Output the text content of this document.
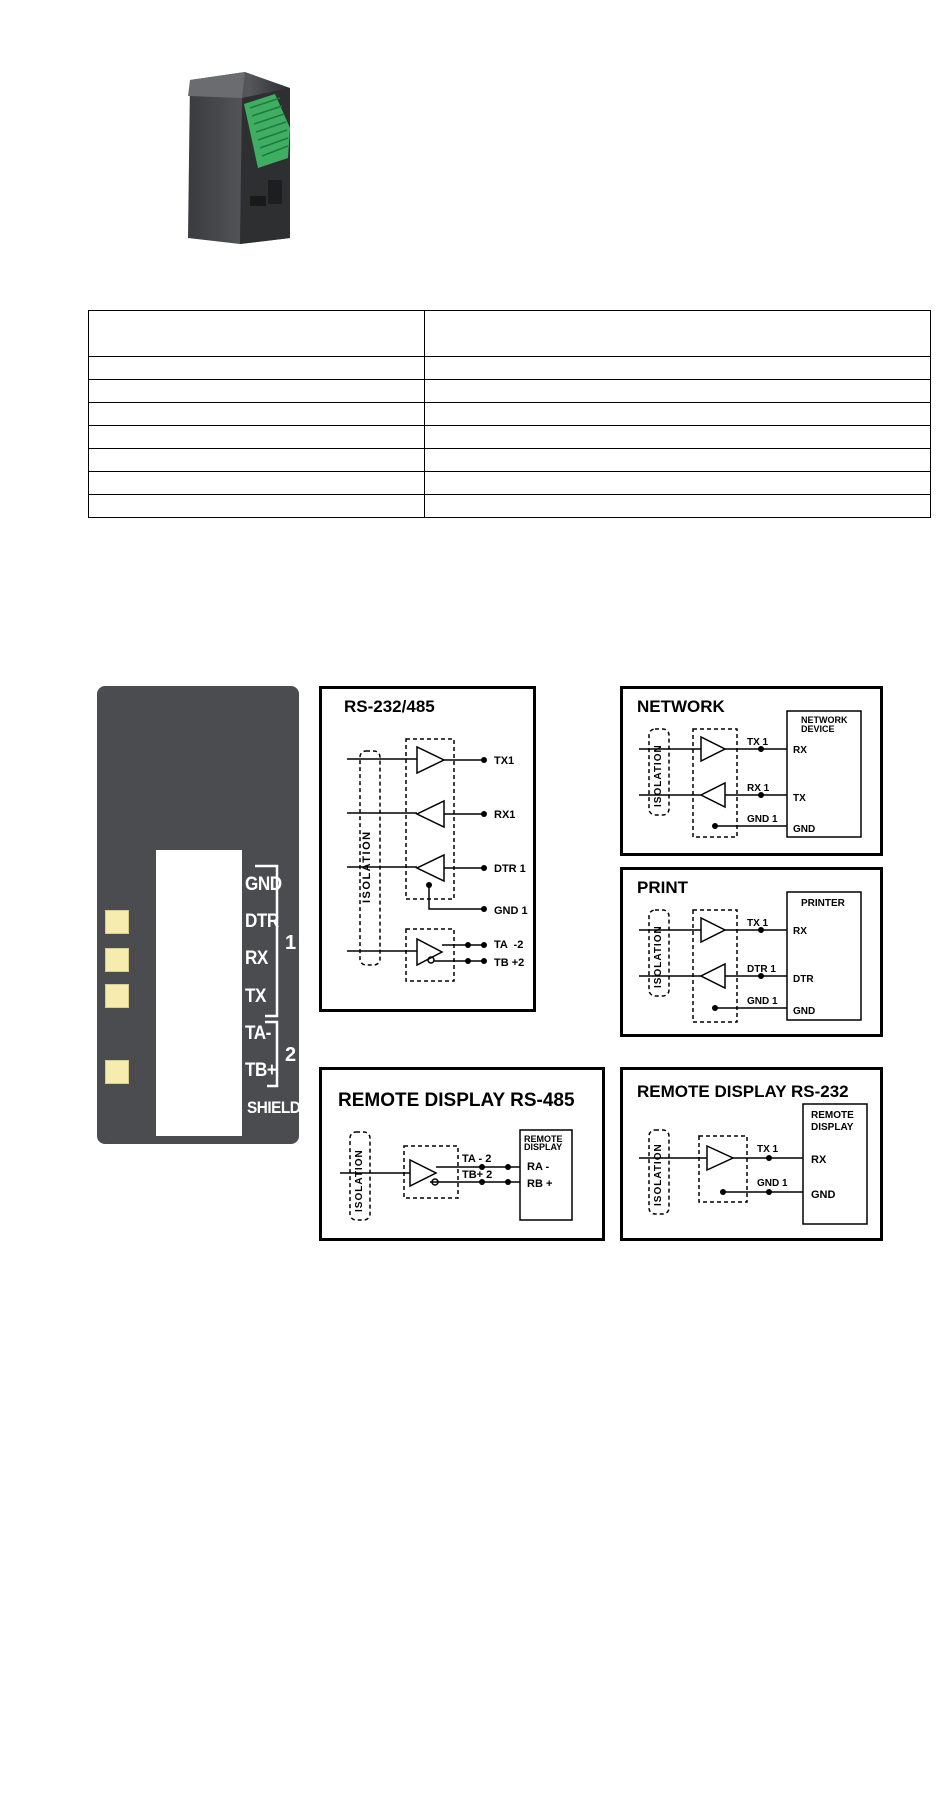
RS-232/485 Comms	M4202
GND
DTR
RX
TX
TA-
TB+
SHIELD
1
2
RS-232/485
ISOLATION
TX1
RX1
DTR 1
GND 1
TA  -2
TB +2
NETWORK
ISOLATION
NETWORK
DEVICE
TX 1
RX 1
GND 1
RX
TX
GND
PRINT
ISOLATION
PRINTER
TX 1
DTR 1
GND 1
RX
DTR
GND
REMOTE DISPLAY RS-485
ISOLATION
REMOTE
DISPLAY
TA - 2
TB+ 2
RA -
RB +
REMOTE DISPLAY RS-232
ISOLATION
REMOTE
DISPLAY
TX 1
GND 1
RX
GND
